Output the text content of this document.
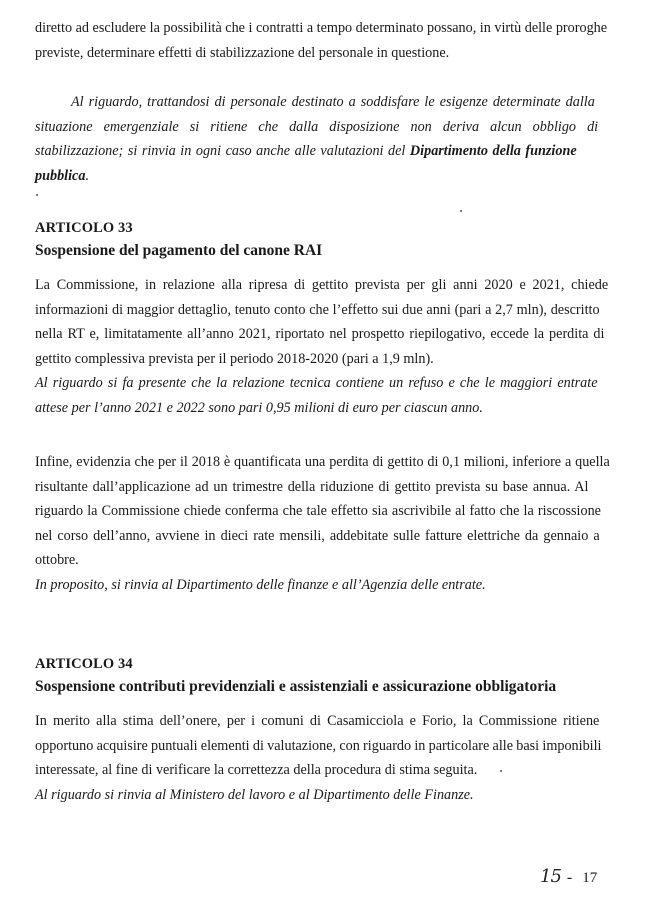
diretto ad escludere la possibilità che i contratti a tempo determinato possano, in virtù delle proroghe
previste, determinare effetti di stabilizzazione del personale in questione.
Al riguardo, trattandosi di personale destinato a soddisfare le esigenze determinate dalla
situazione emergenziale si ritiene che dalla disposizione non deriva alcun obbligo di
stabilizzazione; si rinvia in ogni caso anche alle valutazioni del Dipartimento della funzione
pubblica.
ARTICOLO 33
Sospensione del pagamento del canone RAI
La Commissione, in relazione alla ripresa di gettito prevista per gli anni 2020 e 2021, chiede
informazioni di maggior dettaglio, tenuto conto che l’effetto sui due anni (pari a 2,7 mln), descritto
nella RT e, limitatamente all’anno 2021, riportato nel prospetto riepilogativo, eccede la perdita di
gettito complessiva prevista per il periodo 2018-2020 (pari a 1,9 mln).
Al riguardo si fa presente che la relazione tecnica contiene un refuso e che le maggiori entrate
attese per l’anno 2021 e 2022 sono pari 0,95 milioni di euro per ciascun anno.
Infine, evidenzia che per il 2018 è quantificata una perdita di gettito di 0,1 milioni, inferiore a quella
risultante dall’applicazione ad un trimestre della riduzione di gettito prevista su base annua. Al
riguardo la Commissione chiede conferma che tale effetto sia ascrivibile al fatto che la riscossione
nel corso dell’anno, avviene in dieci rate mensili, addebitate sulle fatture elettriche da gennaio a
ottobre.
In proposito, si rinvia al Dipartimento delle finanze e all’Agenzia delle entrate.
ARTICOLO 34
Sospensione contributi previdenziali e assistenziali e assicurazione obbligatoria
In merito alla stima dell’onere, per i comuni di Casamicciola e Forio, la Commissione ritiene
opportuno acquisire puntuali elementi di valutazione, con riguardo in particolare alle basi imponibili
interessate, al fine di verificare la correttezza della procedura di stima seguita.
Al riguardo si rinvia al Ministero del lavoro e al Dipartimento delle Finanze.
15 - 17
